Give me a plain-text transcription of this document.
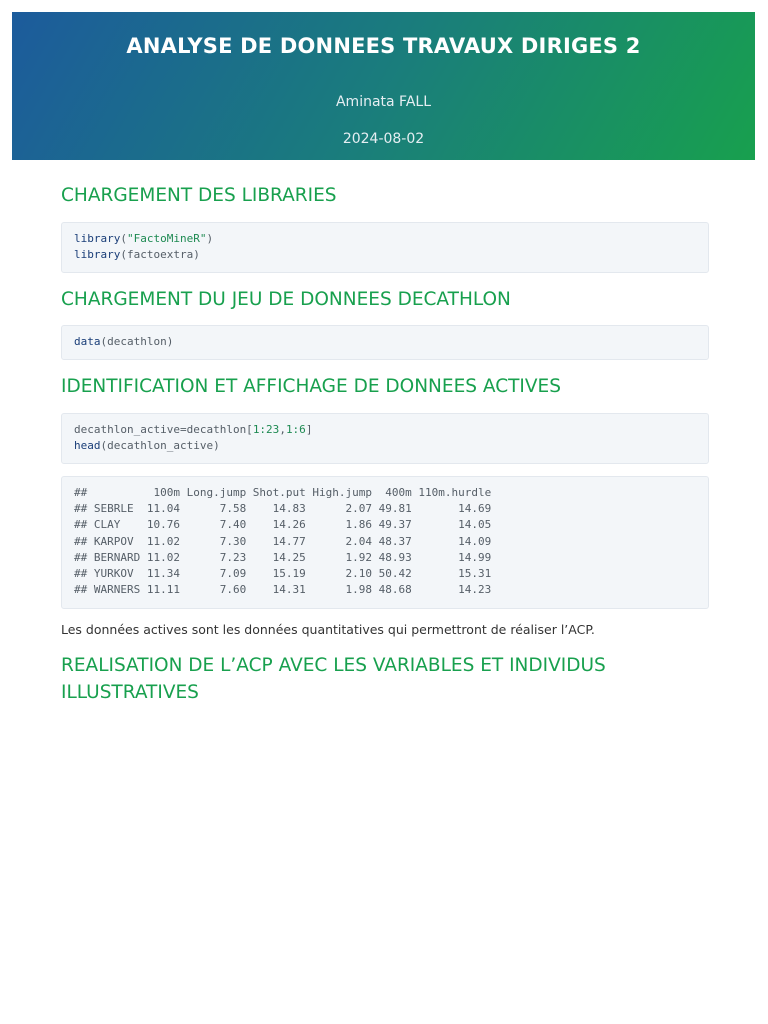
ANALYSE DE DONNEES TRAVAUX DIRIGES 2
Aminata FALL
2024-08-02
CHARGEMENT DES LIBRARIES
library("FactoMineR")
library(factoextra)
CHARGEMENT DU JEU DE DONNEES DECATHLON
data(decathlon)
IDENTIFICATION ET AFFICHAGE DE DONNEES ACTIVES
decathlon_active=decathlon[1:23,1:6]
head(decathlon_active)
##          100m Long.jump Shot.put High.jump  400m 110m.hurdle
## SEBRLE  11.04      7.58    14.83      2.07 49.81       14.69
## CLAY    10.76      7.40    14.26      1.86 49.37       14.05
## KARPOV  11.02      7.30    14.77      2.04 48.37       14.09
## BERNARD 11.02      7.23    14.25      1.92 48.93       14.99
## YURKOV  11.34      7.09    15.19      2.10 50.42       15.31
## WARNERS 11.11      7.60    14.31      1.98 48.68       14.23

Les données actives sont les données quantitatives qui permettront de réaliser l’ACP.

REALISATION DE L’ACP AVEC LES VARIABLES ET INDIVIDUS ILLUSTRATIVES
